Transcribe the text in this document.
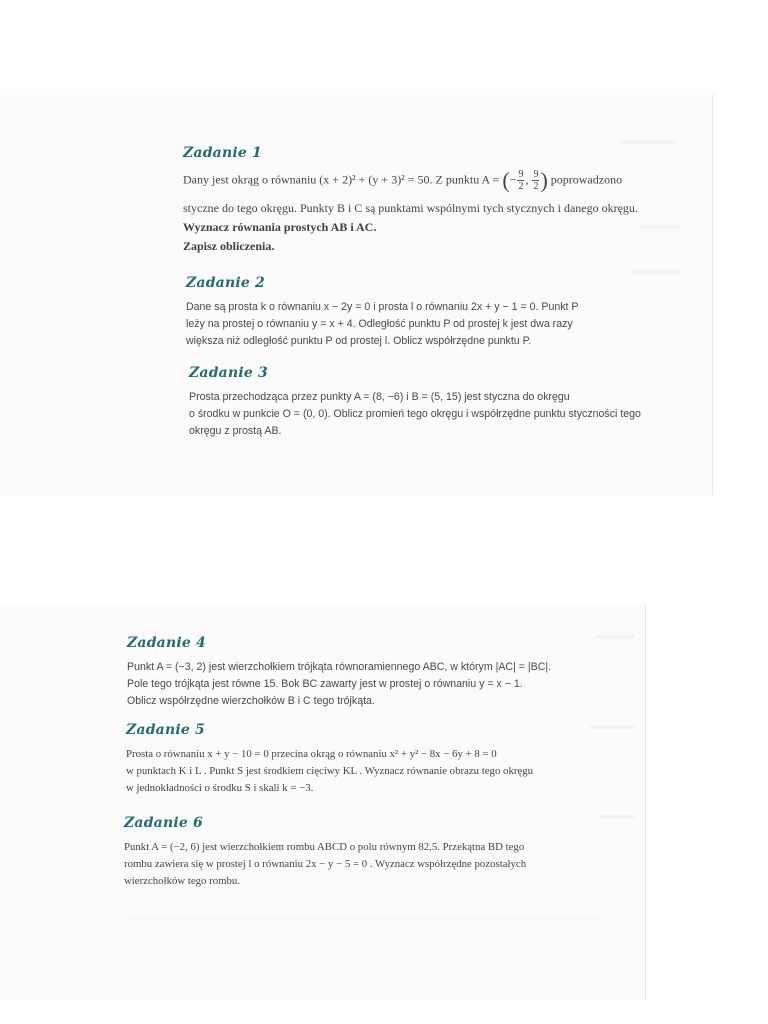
Zadanie 1

Dany jest okrąg o równaniu (x + 2)² + (y + 3)² = 50. Z punktu A = (− $\frac{9}{2}$ , $\frac{9}{2}$ ) poprowadzono

styczne do tego okręgu. Punkty B i C są punktami wspólnymi tych stycznych i danego okręgu.

Wyznacz równania prostych AB i AC.

Zapisz obliczenia.

Zadanie 2

Dane są prosta k o równaniu x − 2y = 0 i prosta l o równaniu 2x + y − 1 = 0. Punkt P

leży na prostej o równaniu y = x + 4. Odległość punktu P od prostej k jest dwa razy

większa niż odległość punktu P od prostej l. Oblicz współrzędne punktu P.

Zadanie 3

Prosta przechodząca przez punkty A = (8, −6) i B = (5, 15) jest styczna do okręgu

o środku w punkcie O = (0, 0). Oblicz promień tego okręgu i współrzędne punktu styczności tego

okręgu z prostą AB.

Zadanie 4

Punkt A = (−3, 2) jest wierzchołkiem trójkąta równoramiennego ABC, w którym |AC| = |BC|.

Pole tego trójkąta jest równe 15. Bok BC zawarty jest w prostej o równaniu y = x − 1.

Oblicz współrzędne wierzchołków B i C tego trójkąta.

Zadanie 5

Prosta o równaniu x + y − 10 = 0 przecina okrąg o równaniu x² + y² − 8x − 6y + 8 = 0

w punktach K i L . Punkt S jest środkiem cięciwy KL . Wyznacz równanie obrazu tego okręgu

w jednokładności o środku S i skali k = −3.

Zadanie 6

Punkt A = (−2, 6) jest wierzchołkiem rombu ABCD o polu równym 82,5. Przekątna BD tego

rombu zawiera się w prostej l o równaniu 2x − y − 5 = 0 . Wyznacz współrzędne pozostałych

wierzchołków tego rombu.
